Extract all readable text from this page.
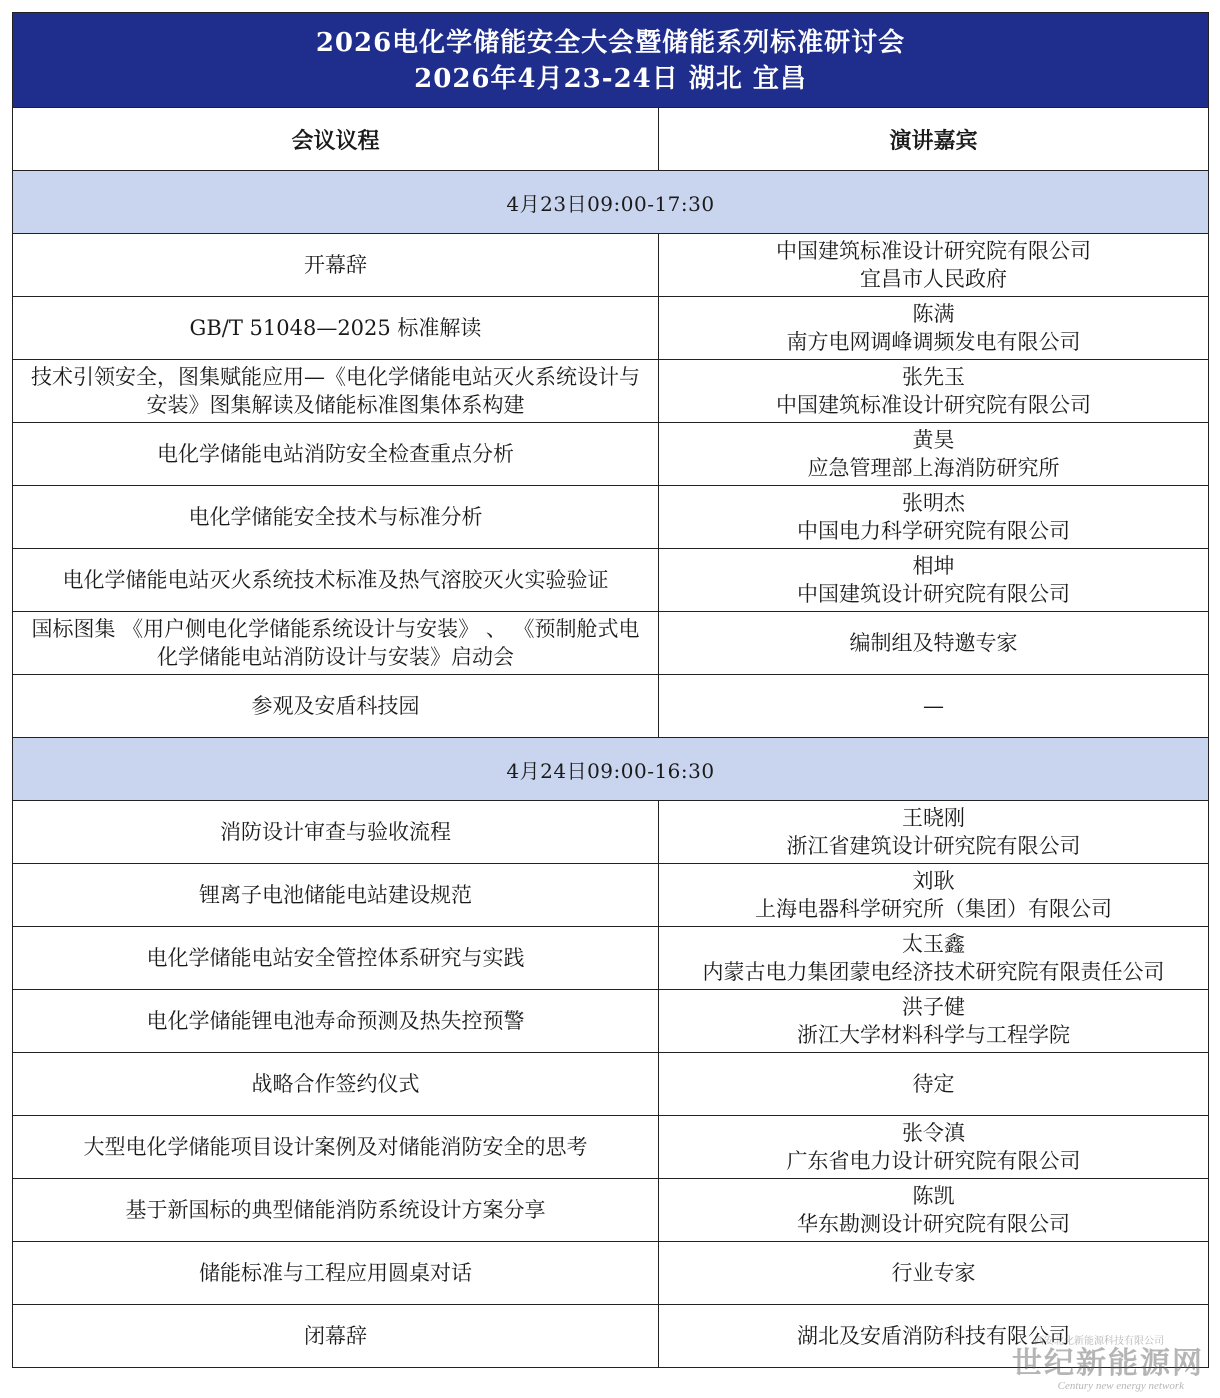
2026电化学储能安全大会暨储能系列标准研讨会
2026年4月23-24日 湖北 宜昌	

会议议程	演讲嘉宾
4月23日09:00-17:30	
开幕辞	中国建筑标准设计研究院有限公司
宜昌市人民政府

GB/T 51048—2025 标准解读	陈满
南方电网调峰调频发电有限公司

技术引领安全，图集赋能应用—《电化学储能电站灭火系统设计与安装》图集解读及储能标准图集体系构建	张先玉
中国建筑标准设计研究院有限公司

电化学储能电站消防安全检查重点分析	黄昊
应急管理部上海消防研究所

电化学储能安全技术与标准分析	张明杰
中国电力科学研究院有限公司

电化学储能电站灭火系统技术标准及热气溶胶灭火实验验证	相坤
中国建筑设计研究院有限公司

国标图集 《用户侧电化学储能系统设计与安装》 、 《预制舱式电化学储能电站消防设计与安装》启动会	编制组及特邀专家

参观及安盾科技园	—

4月24日09:00-16:30	
消防设计审查与验收流程	王晓刚
浙江省建筑设计研究院有限公司

锂离子电池储能电站建设规范	刘耿
上海电器科学研究所（集团）有限公司

电化学储能电站安全管控体系研究与实践	太玉鑫
内蒙古电力集团蒙电经济技术研究院有限责任公司

电化学储能锂电池寿命预测及热失控预警	洪子健
浙江大学材料科学与工程学院

战略合作签约仪式	待定

大型电化学储能项目设计案例及对储能消防安全的思考	张令滇
广东省电力设计研究院有限公司

基于新国标的典型储能消防系统设计方案分享	陈凯
华东勘测设计研究院有限公司

储能标准与工程应用圆桌对话	行业专家

闭幕辞	湖北及安盾消防科技有限公司
西安北化新能源科技有限公司
世纪新能源网
Century new energy network
